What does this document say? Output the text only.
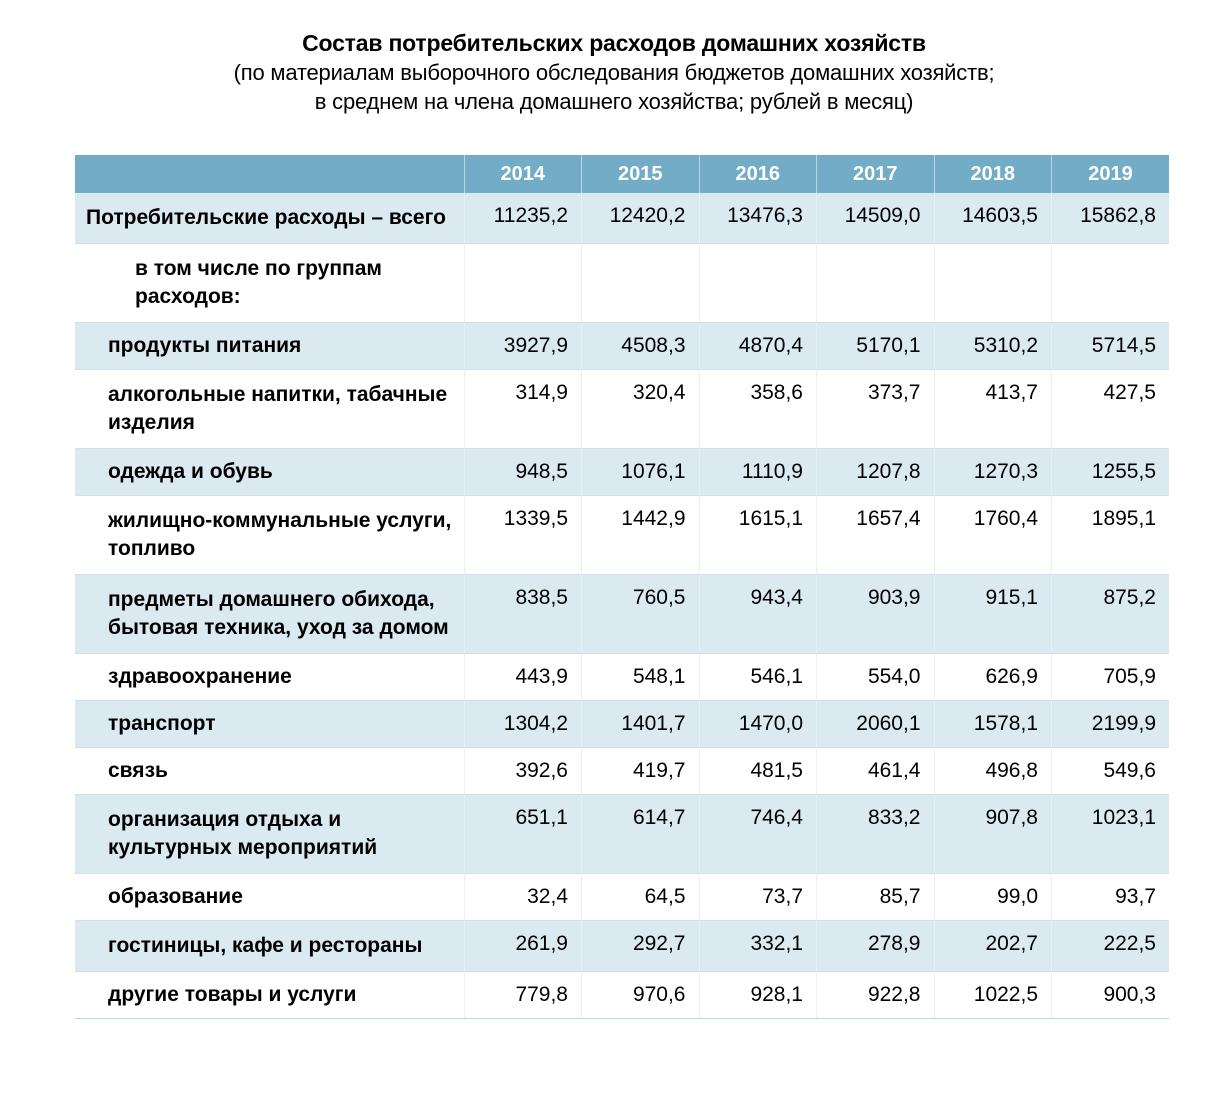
Состав потребительских расходов домашних хозяйств
(по материалам выборочного обследования бюджетов домашних хозяйств;
в среднем на члена домашнего хозяйства; рублей в месяц)
	2014	2015	2016	2017	2018	2019
Потребительские расходы – всего	11235,2	12420,2	13476,3	14509,0	14603,5	15862,8
в том числе по группам расходов:						
продукты питания	3927,9	4508,3	4870,4	5170,1	5310,2	5714,5
алкогольные напитки, табачные изделия	314,9	320,4	358,6	373,7	413,7	427,5
одежда и обувь	948,5	1076,1	1110,9	1207,8	1270,3	1255,5
жилищно-коммунальные услуги, топливо	1339,5	1442,9	1615,1	1657,4	1760,4	1895,1
предметы домашнего обихода, бытовая техника, уход за домом	838,5	760,5	943,4	903,9	915,1	875,2
здравоохранение	443,9	548,1	546,1	554,0	626,9	705,9
транспорт	1304,2	1401,7	1470,0	2060,1	1578,1	2199,9
связь	392,6	419,7	481,5	461,4	496,8	549,6
организация отдыха и культурных мероприятий	651,1	614,7	746,4	833,2	907,8	1023,1
образование	32,4	64,5	73,7	85,7	99,0	93,7
гостиницы, кафе и рестораны	261,9	292,7	332,1	278,9	202,7	222,5
другие товары и услуги	779,8	970,6	928,1	922,8	1022,5	900,3
